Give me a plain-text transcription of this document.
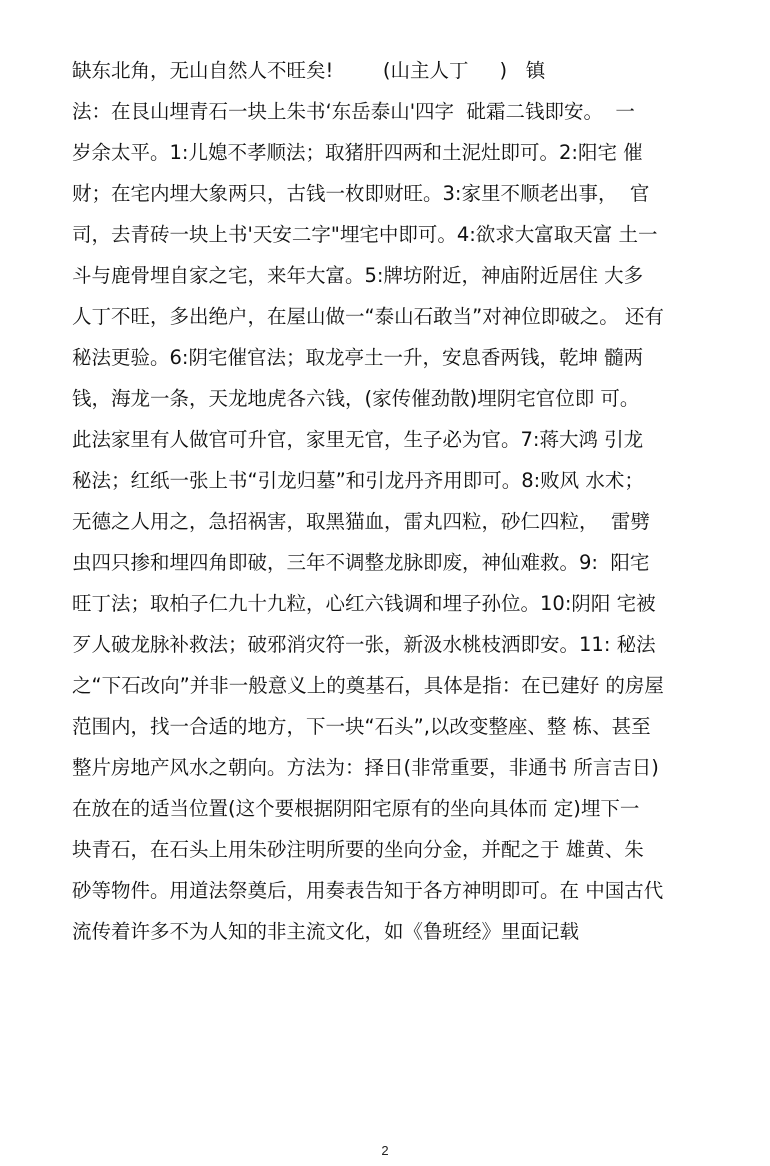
缺东北角，无山自然人不旺矣!        (山主人丁     )   镇
法：在艮山埋青石一块上朱书‘东岳泰山'四字  砒霜二钱即安。  一
岁余太平。1:儿媳不孝顺法；取猪肝四两和土泥灶即可。2:阳宅 催
财；在宅内埋大象两只，古钱一枚即财旺。3:家里不顺老出事，  官
司，去青砖一块上书'天安二字"埋宅中即可。4:欲求大富取天富 土一
斗与鹿骨埋自家之宅，来年大富。5:牌坊附近，神庙附近居住 大多
人丁不旺，多出绝户，在屋山做一“泰山石敢当”对神位即破之。 还有
秘法更验。6:阴宅催官法；取龙亭土一升，安息香两钱，乾坤 髓两
钱，海龙一条，天龙地虎各六钱，(家传催劲散)埋阴宅官位即 可。
此法家里有人做官可升官，家里无官，生子必为官。7:蒋大鸿 引龙
秘法；红纸一张上书“引龙归墓”和引龙丹齐用即可。8:败风 水术；
无德之人用之，急招祸害，取黑猫血，雷丸四粒，砂仁四粒，  雷劈
虫四只掺和埋四角即破，三年不调整龙脉即废，神仙难救。9:  阳宅
旺丁法；取柏子仁九十九粒，心红六钱调和埋子孙位。10:阴阳 宅被
歹人破龙脉补救法；破邪消灾符一张，新汲水桃枝洒即安。11: 秘法
之“下石改向”并非一般意义上的奠基石，具体是指：在已建好 的房屋
范围内，找一合适的地方，下一块“石头”,以改变整座、整 栋、甚至
整片房地产风水之朝向。方法为：择日(非常重要，非通书 所言吉日)
在放在的适当位置(这个要根据阴阳宅原有的坐向具体而 定)埋下一
块青石，在石头上用朱砂注明所要的坐向分金，并配之于 雄黄、朱
砂等物件。用道法祭奠后，用奏表告知于各方神明即可。在 中国古代
流传着许多不为人知的非主流文化，如《鲁班经》里面记载
2
